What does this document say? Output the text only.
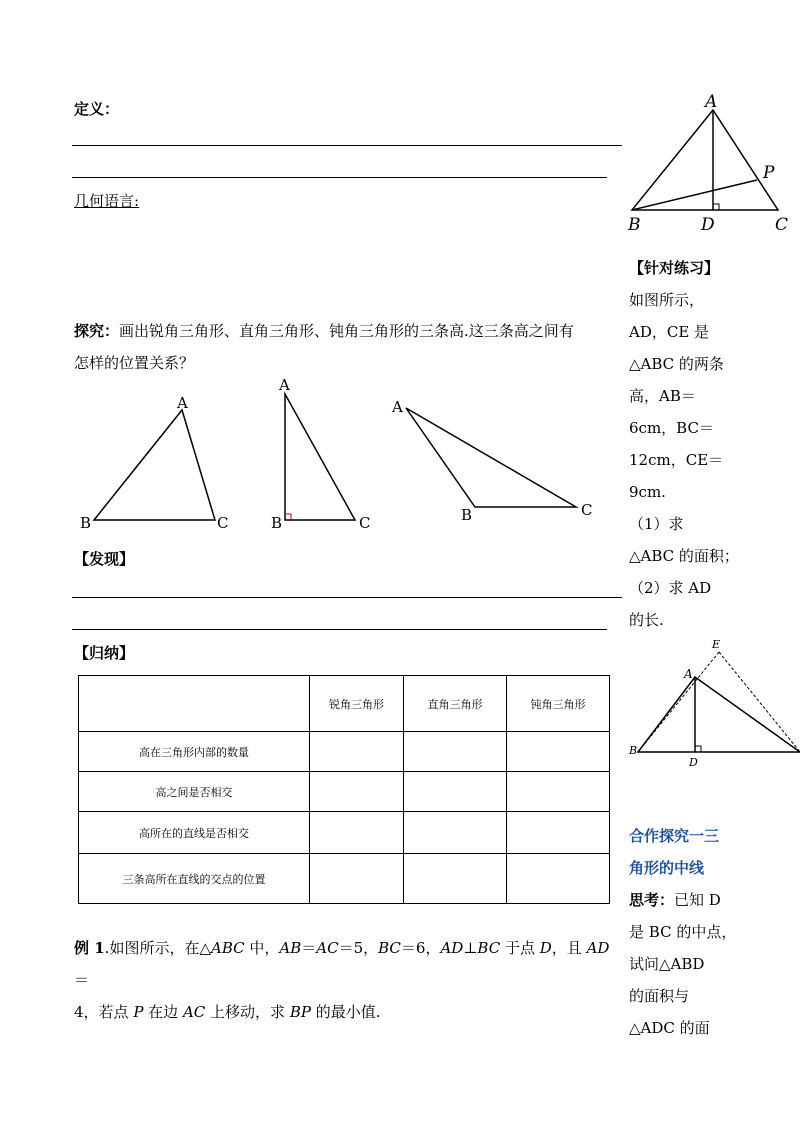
定义：
几何语言:
探究：画出锐角三角形、直角三角形、钝角三角形的三条高.这三条高之间有
怎样的位置关系？
A
B	C
A
B	C
A
B	C
【发现】
【归纳】
	锐角三角形	直角三角形	钝角三角形
高在三角形内部的数量			
高之间是否相交			
高所在的直线是否相交			
三条高所在直线的交点的位置			
例 1.如图所示，在△ABC 中，AB＝AC＝5，BC＝6，AD⊥BC 于点 D，且 AD＝
4，若点 P 在边 AC 上移动，求 BP 的最小值.
A
B	C
D
P

【针对练习】

如图所示，

AD，CE 是

△ABC 的两条

高，AB＝

6cm，BC＝

12cm，CE＝

9cm.

（1）求

△ABC 的面积；

（2）求 AD

的长.

E
A
B
D

合作探究一三

角形的中线

思考：已知 D

是 BC 的中点，

试问△ABD

的面积与

△ADC 的面
